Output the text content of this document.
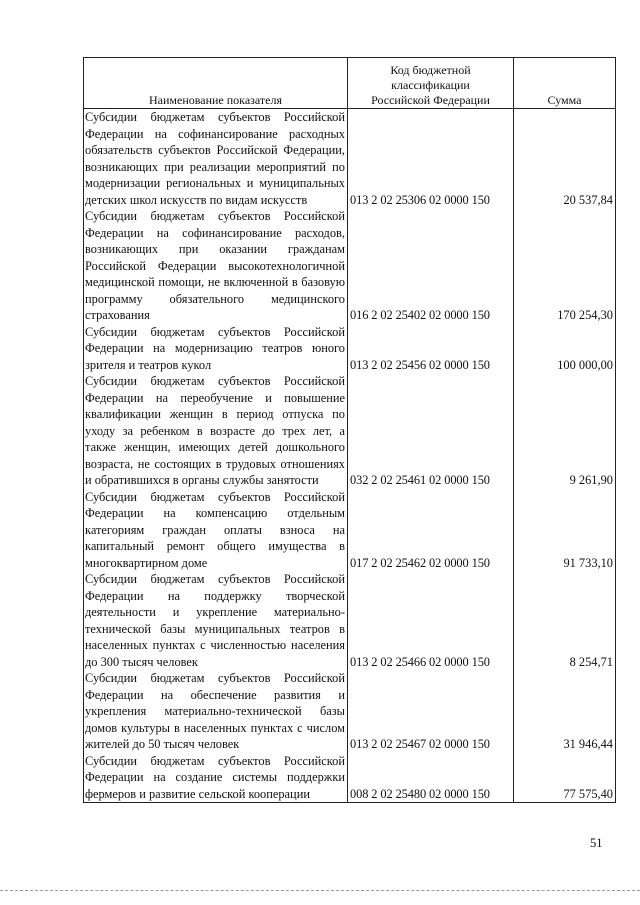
Наименование показателя	Код бюджетной классификации Российской Федерации	Сумма
Субсидии бюджетам субъектов Российской Федерации на софинансирование расходных обязательств субъектов Российской Федерации, возникающих при реализации мероприятий по модернизации региональных и муниципальных детских школ искусств по видам искусств	013 2 02 25306 02 0000 150	20 537,84
Субсидии бюджетам субъектов Российской Федерации на софинансирование расходов, возникающих при оказании гражданам Российской Федерации высокотехнологичной медицинской помощи, не включенной в базовую программу обязательного медицинского страхования	016 2 02 25402 02 0000 150	170 254,30
Субсидии бюджетам субъектов Российской Федерации на модернизацию театров юного зрителя и театров кукол	013 2 02 25456 02 0000 150	100 000,00
Субсидии бюджетам субъектов Российской Федерации на переобучение и повышение квалификации женщин в период отпуска по уходу за ребенком в возрасте до трех лет, а также женщин, имеющих детей дошкольного возраста, не состоящих в трудовых отношениях и обратившихся в органы службы занятости	032 2 02 25461 02 0000 150	9 261,90
Субсидии бюджетам субъектов Российской Федерации на компенсацию отдельным категориям граждан оплаты взноса на капитальный ремонт общего имущества в многоквартирном доме	017 2 02 25462 02 0000 150	91 733,10
Субсидии бюджетам субъектов Российской Федерации на поддержку творческой деятельности и укрепление материально-технической базы муниципальных театров в населенных пунктах с численностью населения до 300 тысяч человек	013 2 02 25466 02 0000 150	8 254,71
Субсидии бюджетам субъектов Российской Федерации на обеспечение развития и укрепления материально-технической базы домов культуры в населенных пунктах с числом жителей до 50 тысяч человек	013 2 02 25467 02 0000 150	31 946,44
Субсидии бюджетам субъектов Российской Федерации на создание системы поддержки фермеров и развитие сельской кооперации	008 2 02 25480 02 0000 150	77 575,40
51
